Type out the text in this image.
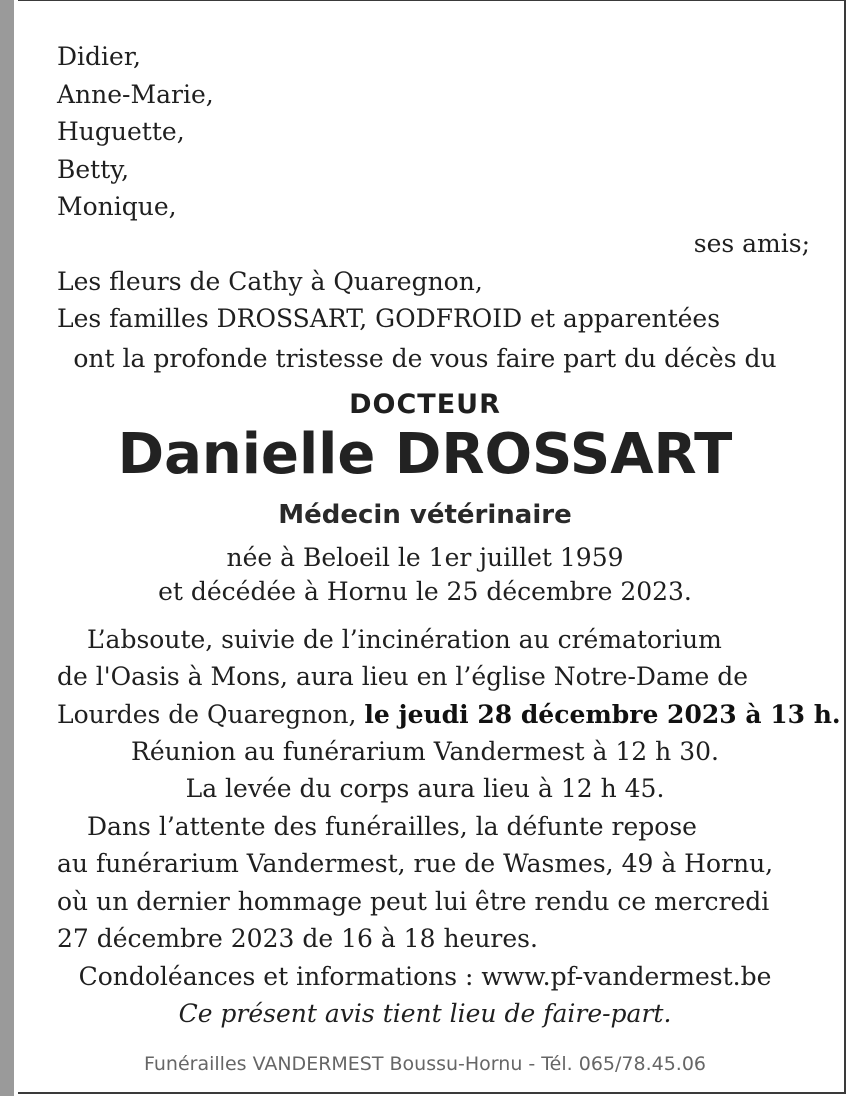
Didier,
Anne-Marie,
Huguette,
Betty,
Monique,
ses amis;
Les fleurs de Cathy à Quaregnon,
Les familles DROSSART, GODFROID et apparentées
ont la profonde tristesse de vous faire part du décès du
DOCTEUR
Danielle DROSSART
Médecin vétérinaire
née à Beloeil le 1er juillet 1959
et décédée à Hornu le 25 décembre 2023.
L’absoute, suivie de l’incinération au crématorium
de l'Oasis à Mons, aura lieu en l’église Notre-Dame de
Lourdes de Quaregnon, le jeudi 28 décembre 2023 à 13 h.
Réunion au funérarium Vandermest à 12 h 30.
La levée du corps aura lieu à 12 h 45.
Dans l’attente des funérailles, la défunte repose
au funérarium Vandermest, rue de Wasmes, 49 à Hornu,
où un dernier hommage peut lui être rendu ce mercredi
27 décembre 2023 de 16 à 18 heures.
Condoléances et informations : www.pf-vandermest.be
Ce présent avis tient lieu de faire-part.
Funérailles VANDERMEST Boussu-Hornu - Tél. 065/78.45.06
